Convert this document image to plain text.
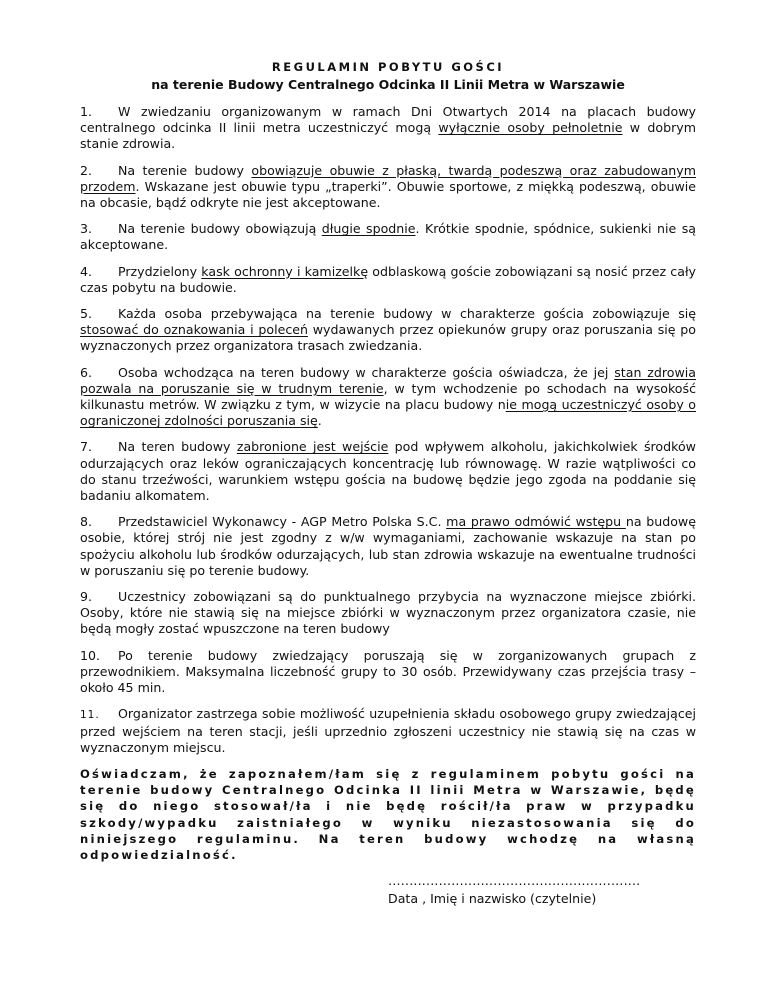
REGULAMIN POBYTU GOŚCI
na terenie Budowy Centralnego Odcinka II Linii Metra w Warszawie

1. W zwiedzaniu organizowanym w ramach Dni Otwartych 2014 na placach budowy centralnego odcinka II linii metra uczestniczyć mogą wyłącznie osoby pełnoletnie w dobrym stanie zdrowia.

2. Na terenie budowy obowiązuje obuwie z płaską, twardą podeszwą oraz zabudowanym przodem. Wskazane jest obuwie typu „traperki”. Obuwie sportowe, z miękką podeszwą, obuwie na obcasie, bądź odkryte nie jest akceptowane.

3. Na terenie budowy obowiązują długie spodnie. Krótkie spodnie, spódnice, sukienki nie są akceptowane.

4. Przydzielony kask ochronny i kamizelkę odblaskową goście zobowiązani są nosić przez cały czas pobytu na budowie.

5. Każda osoba przebywająca na terenie budowy w charakterze gościa zobowiązuje się stosować do oznakowania i poleceń wydawanych przez opiekunów grupy oraz poruszania się po wyznaczonych przez organizatora trasach zwiedzania.

6. Osoba wchodząca na teren budowy w charakterze gościa oświadcza, że jej stan zdrowia pozwala na poruszanie się w trudnym terenie, w tym wchodzenie po schodach na wysokość kilkunastu metrów. W związku z tym, w wizycie na placu budowy nie mogą uczestniczyć osoby o ograniczonej zdolności poruszania się.

7. Na teren budowy zabronione jest wejście pod wpływem alkoholu, jakichkolwiek środków odurzających oraz leków ograniczających koncentrację lub równowagę. W razie wątpliwości co do stanu trzeźwości, warunkiem wstępu gościa na budowę będzie jego zgoda na poddanie się badaniu alkomatem.

8. Przedstawiciel Wykonawcy - AGP Metro Polska S.C. ma prawo odmówić wstępu na budowę osobie, której strój nie jest zgodny z w/w wymaganiami, zachowanie wskazuje na stan po spożyciu alkoholu lub środków odurzających, lub stan zdrowia wskazuje na ewentualne trudności w poruszaniu się po terenie budowy.

9. Uczestnicy zobowiązani są do punktualnego przybycia na wyznaczone miejsce zbiórki. Osoby, które nie stawią się na miejsce zbiórki w wyznaczonym przez organizatora czasie, nie będą mogły zostać wpuszczone na teren budowy

10. Po terenie budowy zwiedzający poruszają się w zorganizowanych grupach z przewodnikiem. Maksymalna liczebność grupy to 30 osób. Przewidywany czas przejścia trasy – około 45 min.

11. Organizator zastrzega sobie możliwość uzupełnienia składu osobowego grupy zwiedzającej przed wejściem na teren stacji, jeśli uprzednio zgłoszeni uczestnicy nie stawią się na czas w wyznaczonym miejscu.

Oświadczam, że zapoznałem/łam się z regulaminem pobytu gości na terenie budowy Centralnego Odcinka II linii Metra w Warszawie, będę się do niego stosował/ła i nie będę rościł/ła praw w przypadku szkody/wypadku zaistniałego w wyniku niezastosowania się do niniejszego regulaminu. Na teren budowy wchodzę na własną odpowiedzialność.

….........................................................
Data , Imię i nazwisko (czytelnie)
